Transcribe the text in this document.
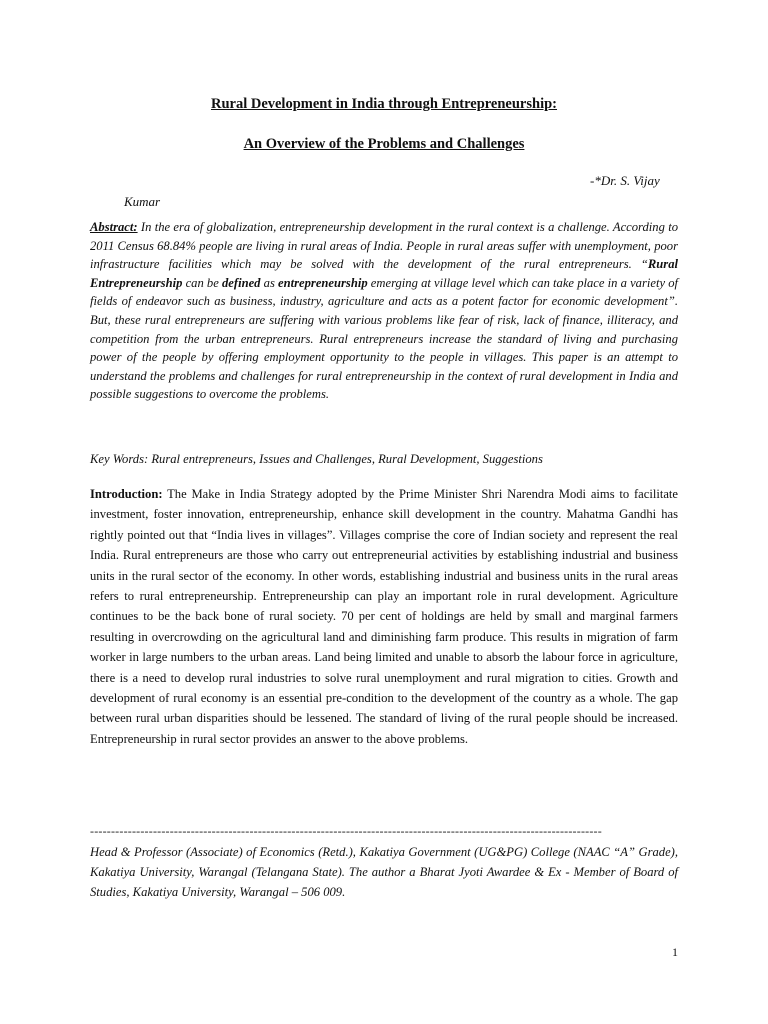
Rural Development in India through Entrepreneurship:
An Overview of the Problems and Challenges
-*Dr. S. Vijay
Kumar

Abstract: In the era of globalization, entrepreneurship development in the rural context is a challenge. According to 2011 Census 68.84% people are living in rural areas of India. People in rural areas suffer with unemployment, poor infrastructure facilities which may be solved with the development of the rural entrepreneurs. “Rural Entrepreneurship can be defined as entrepreneurship emerging at village level which can take place in a variety of fields of endeavor such as business, industry, agriculture and acts as a potent factor for economic development”. But, these rural entrepreneurs are suffering with various problems like fear of risk, lack of finance, illiteracy, and competition from the urban entrepreneurs. Rural entrepreneurs increase the standard of living and purchasing power of the people by offering employment opportunity to the people in villages. This paper is an attempt to understand the problems and challenges for rural entrepreneurship in the context of rural development in India and possible suggestions to overcome the problems.

Key Words: Rural entrepreneurs, Issues and Challenges, Rural Development, Suggestions

Introduction: The Make in India Strategy adopted by the Prime Minister Shri Narendra Modi aims to facilitate investment, foster innovation, entrepreneurship, enhance skill development in the country. Mahatma Gandhi has rightly pointed out that “India lives in villages”. Villages comprise the core of Indian society and represent the real India. Rural entrepreneurs are those who carry out entrepreneurial activities by establishing industrial and business units in the rural sector of the economy. In other words, establishing industrial and business units in the rural areas refers to rural entrepreneurship. Entrepreneurship can play an important role in rural development. Agriculture continues to be the back bone of rural society. 70 per cent of holdings are held by small and marginal farmers resulting in overcrowding on the agricultural land and diminishing farm produce. This results in migration of farm worker in large numbers to the urban areas. Land being limited and unable to absorb the labour force in agriculture, there is a need to develop rural industries to solve rural unemployment and rural migration to cities. Growth and development of rural economy is an essential pre-condition to the development of the country as a whole. The gap between rural urban disparities should be lessened. The standard of living of the rural people should be increased. Entrepreneurship in rural sector provides an answer to the above problems.

--------------------------------------------------------------------------------------------------------------------------

Head & Professor (Associate) of Economics (Retd.), Kakatiya Government (UG&PG) College (NAAC “A” Grade), Kakatiya University, Warangal (Telangana State). The author a Bharat Jyoti Awardee & Ex - Member of Board of Studies, Kakatiya University, Warangal – 506 009.

1
